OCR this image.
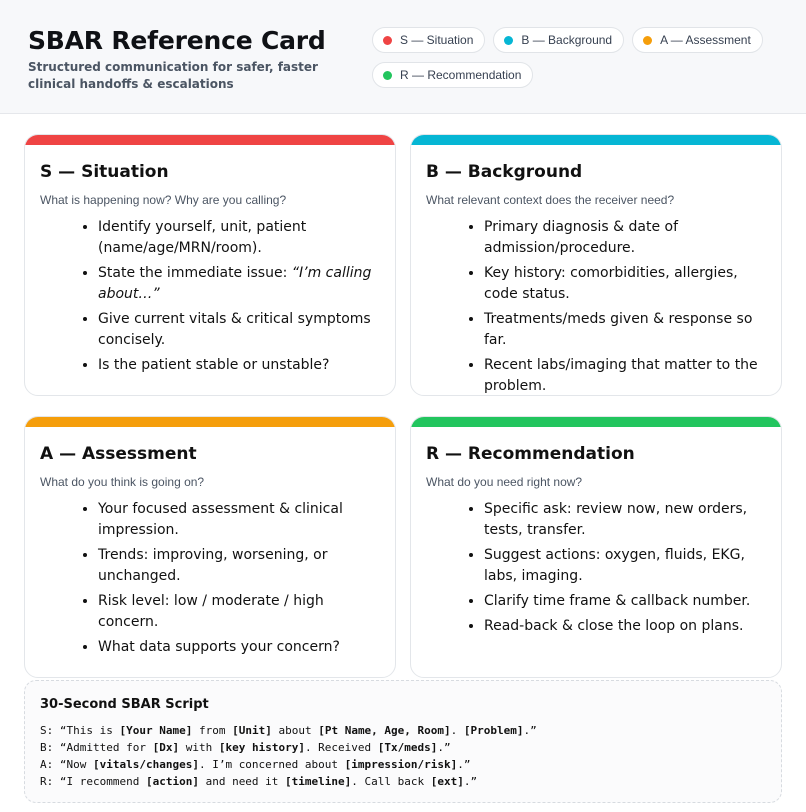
SBAR Reference Card
Structured communication for safer, faster clinical handoffs & escalations
S — Situation	B — Background	A — Assessment
R — Recommendation
S — Situation
What is happening now? Why are you calling?
• Identify yourself, unit, patient (name/age/MRN/room).
• State the immediate issue: “I’m calling about…”
• Give current vitals & critical symptoms concisely.
• Is the patient stable or unstable?
B — Background
What relevant context does the receiver need?
• Primary diagnosis & date of admission/procedure.
• Key history: comorbidities, allergies, code status.
• Treatments/meds given & response so far.
• Recent labs/imaging that matter to the problem.
A — Assessment
What do you think is going on?
• Your focused assessment & clinical impression.
• Trends: improving, worsening, or unchanged.
• Risk level: low / moderate / high concern.
• What data supports your concern?
R — Recommendation
What do you need right now?
• Specific ask: review now, new orders, tests, transfer.
• Suggest actions: oxygen, fluids, EKG, labs, imaging.
• Clarify time frame & callback number.
• Read-back & close the loop on plans.
30-Second SBAR Script
S: “This is [Your Name] from [Unit] about [Pt Name, Age, Room]. [Problem].”
B: “Admitted for [Dx] with [key history]. Received [Tx/meds].”
A: “Now [vitals/changes]. I’m concerned about [impression/risk].”
R: “I recommend [action] and need it [timeline]. Call back [ext].”
